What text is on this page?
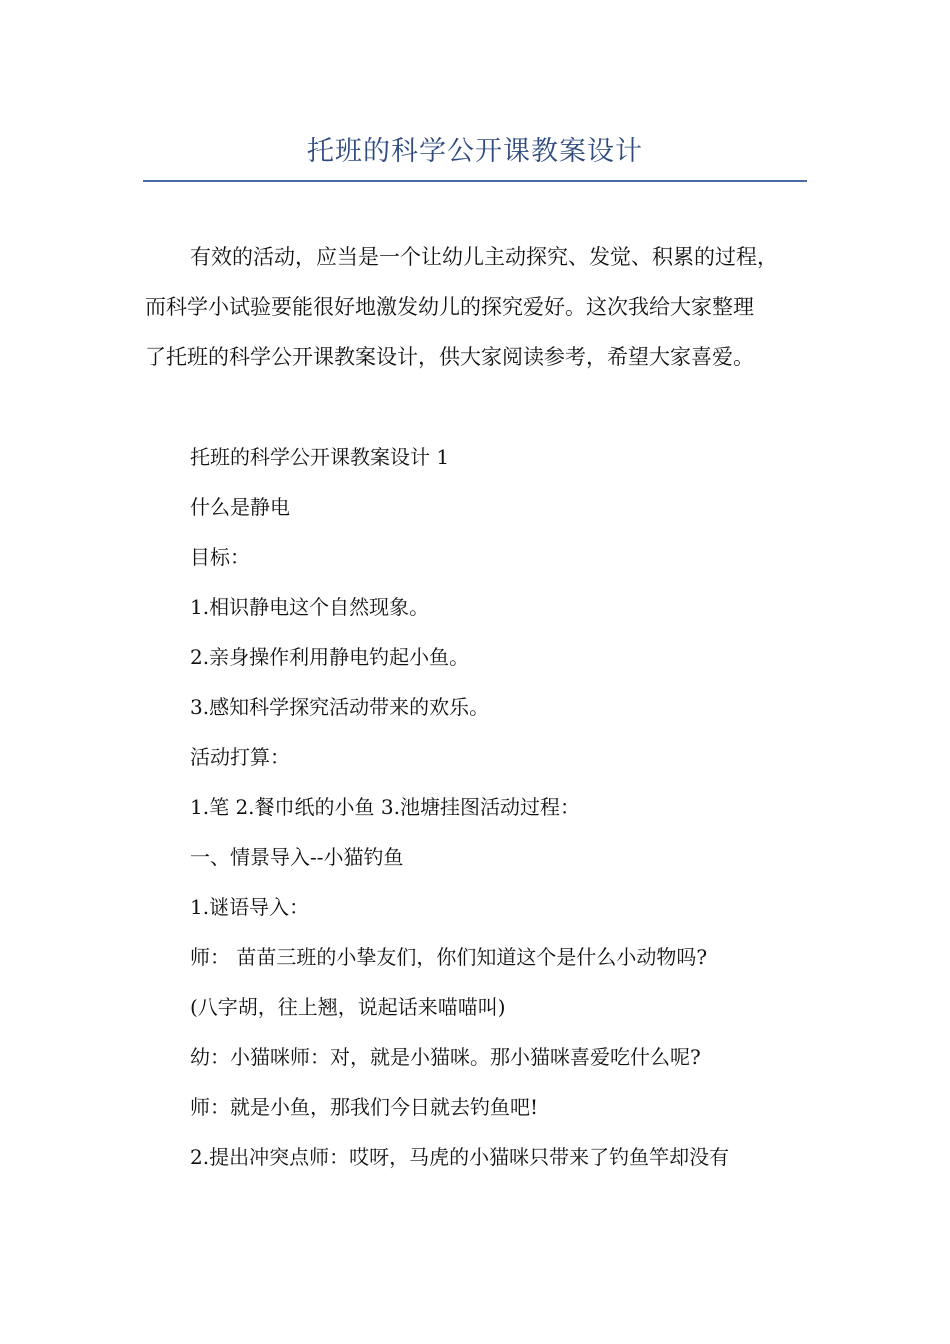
托班的科学公开课教案设计

有效的活动，应当是一个让幼儿主动探究、发觉、积累的过程，

而科学小试验要能很好地激发幼儿的探究爱好。这次我给大家整理

了托班的科学公开课教案设计，供大家阅读参考，希望大家喜爱。

托班的科学公开课教案设计 1

什么是静电

目标：

1.相识静电这个自然现象。

2.亲身操作利用静电钓起小鱼。

3.感知科学探究活动带来的欢乐。

活动打算：

1.笔 2.餐巾纸的小鱼 3.池塘挂图活动过程：

一、情景导入--小猫钓鱼

1.谜语导入：

师： 苗苗三班的小挚友们，你们知道这个是什么小动物吗?

(八字胡，往上翘，说起话来喵喵叫)

幼：小猫咪师：对，就是小猫咪。那小猫咪喜爱吃什么呢?

师：就是小鱼，那我们今日就去钓鱼吧!

2.提出冲突点师：哎呀，马虎的小猫咪只带来了钓鱼竿却没有
